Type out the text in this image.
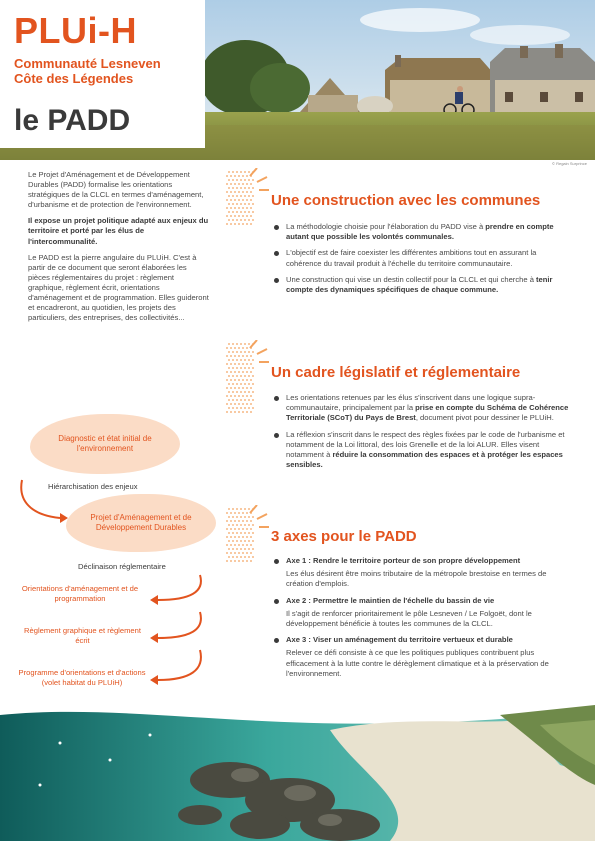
PLUi-H
Communauté Lesneven
Côte des Légendes
le PADD
© Regain Surprince

Le Projet d'Aménagement et de Développement Durables (PADD) formalise les orientations stratégiques de la CLCL en termes d'aménagement, d'urbanisme et de protection de l'environnement.

Il expose un projet politique adapté aux enjeux du territoire et porté par les élus de l'intercommunalité.

Le PADD est la pierre angulaire du PLUiH. C'est à partir de ce document que seront élaborées les pièces réglementaires du projet : règlement graphique, règlement écrit, orientations d'aménagement et de programmation. Elles guideront et encadreront, au quotidien, les projets des particuliers, des entreprises, des collectivités...

Diagnostic et état initial de l'environnement
Hiérarchisation des enjeux
Projet d'Aménagement et de Développement Durables
Déclinaison réglementaire
Orientations d'aménagement et de programmation
Règlement graphique et règlement écrit
Programme d'orientations et d'actions (volet habitat du PLUiH)
Une construction avec les communes
La méthodologie choisie pour l'élaboration du PADD vise à prendre en compte autant que possible les volontés communales.
L'objectif est de faire coexister les différentes ambitions tout en assurant la cohérence du travail produit à l'échelle du territoire communautaire.
Une construction qui vise un destin collectif pour la CLCL et qui cherche à tenir compte des dynamiques spécifiques de chaque commune.
Un cadre législatif et réglementaire
Les orientations retenues par les élus s'inscrivent dans une logique supra-communautaire, principalement par la prise en compte du Schéma de Cohérence Territoriale (SCoT) du Pays de Brest, document pivot pour dessiner le PLUiH.
La réflexion s'inscrit dans le respect des règles fixées par le code de l'urbanisme et notamment de la Loi littoral, des lois Grenelle et de la loi ALUR. Elles visent notamment à réduire la consommation des espaces et à protéger les espaces sensibles.
3 axes pour le PADD
Axe 1 : Rendre le territoire porteur de son propre développement
Les élus désirent être moins tributaire de la métropole brestoise en termes de création d'emplois.
Axe 2 : Permettre le maintien de l'échelle du bassin de vie
Il s'agit de renforcer prioritairement le pôle Lesneven / Le Folgoët, dont le développement bénéficie à toutes les communes de la CLCL.
Axe 3 : Viser un aménagement du territoire vertueux et durable
Relever ce défi consiste à ce que les politiques publiques contribuent plus efficacement à la lutte contre le dérèglement climatique et à la préservation de l'environnement.
